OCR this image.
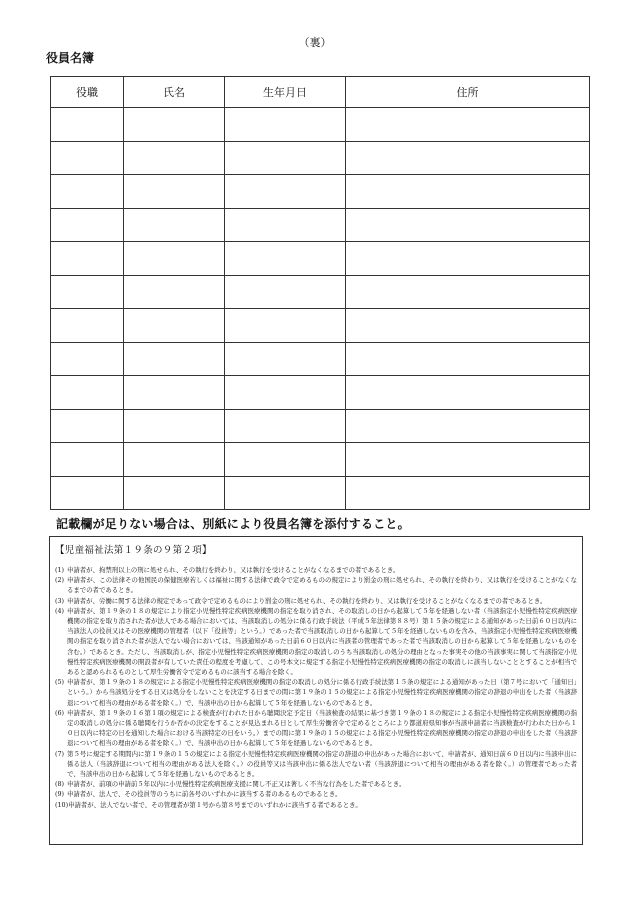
（裏）
役員名簿
役職	氏名	生年月日	住所

記載欄が足りない場合は、別紙により役員名簿を添付すること。
【児童福祉法第１９条の９第２項】
(1) 申請者が、拘禁刑以上の刑に処せられ、その執行を終わり、又は執行を受けることがなくなるまでの者であるとき。
(2) 申請者が、この法律その他国民の保健医療若しくは福祉に関する法律で政令で定めるものの規定により罰金の刑に処せられ、その執行を終わり、又は執行を受けることがなくなるまでの者であるとき。
(3) 申請者が、労働に関する法律の規定であって政令で定めるものにより罰金の刑に処せられ、その執行を終わり、又は執行を受けることがなくなるまでの者であるとき。
(4) 申請者が、第１９条の１８の規定により指定小児慢性特定疾病医療機関の指定を取り消され、その取消しの日から起算して５年を経過しない者（当該指定小児慢性特定疾病医療機関の指定を取り消された者が法人である場合においては、当該取消しの処分に係る行政手続法（平成５年法律第８８号）第１５条の規定による通知があった日前６０日以内に当該法人の役員又はその医療機関の管理者（以下「役員等」という。）であった者で当該取消しの日から起算して５年を経過しないものを含み、当該指定小児慢性特定疾病医療機関の指定を取り消された者が法人でない場合においては、当該通知があった日前６０日以内に当該者の管理者であった者で当該取消しの日から起算して５年を経過しないものを含む。）であるとき。ただし、当該取消しが、指定小児慢性特定疾病医療機関の指定の取消しのうち当該取消しの処分の理由となった事実その他の当該事実に関して当該指定小児慢性特定疾病医療機関の開設者が有していた責任の程度を考慮して、この号本文に規定する指定小児慢性特定疾病医療機関の指定の取消しに該当しないこととすることが相当であると認められるものとして厚生労働省令で定めるものに該当する場合を除く。
(5) 申請者が、第１９条の１８の規定による指定小児慢性特定疾病医療機関の指定の取消しの処分に係る行政手続法第１５条の規定による通知があった日（第７号において「通知日」という。）から当該処分をする日又は処分をしないことを決定する日までの間に第１９条の１５の規定による指定小児慢性特定疾病医療機関の指定の辞退の申出をした者（当該辞退について相当の理由がある者を除く。）で、当該申出の日から起算して５年を経過しないものであるとき。
(6) 申請者が、第１９条の１６第１項の規定による検査が行われた日から聴聞決定予定日（当該検査の結果に基づき第１９条の１８の規定による指定小児慢性特定疾病医療機関の指定の取消しの処分に係る聴聞を行うか否かの決定をすることが見込まれる日として厚生労働省令で定めるところにより都道府県知事が当該申請者に当該検査が行われた日から１０日以内に特定の日を通知した場合における当該特定の日をいう。）までの間に第１９条の１５の規定による指定小児慢性特定疾病医療機関の指定の辞退の申出をした者（当該辞退について相当の理由がある者を除く。）で、当該申出の日から起算して５年を経過しないものであるとき。
(7) 第５号に規定する期間内に第１９条の１５の規定による指定小児慢性特定疾病医療機関の指定の辞退の申出があった場合において、申請者が、通知日前６０日以内に当該申出に係る法人（当該辞退について相当の理由がある法人を除く。）の役員等又は当該申出に係る法人でない者（当該辞退について相当の理由がある者を除く。）の管理者であった者で、当該申出の日から起算して５年を経過しないものであるとき。
(8) 申請者が、前項の申請前５年以内に小児慢性特定疾病医療支援に関し不正又は著しく不当な行為をした者であるとき。
(9) 申請者が、法人で、その役員等のうちに前各号のいずれかに該当する者のあるものであるとき。
(10) 申請者が、法人でない者で、その管理者が第１号から第８号までのいずれかに該当する者であるとき。
